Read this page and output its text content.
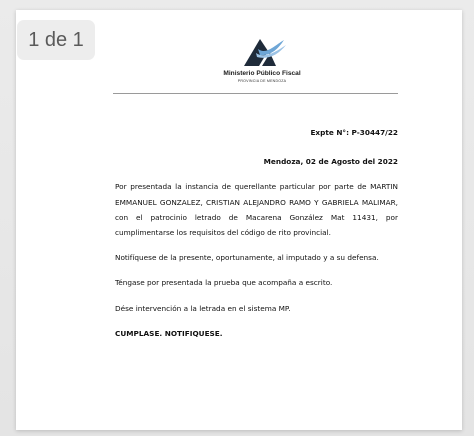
1 de 1
Ministerio Público Fiscal
PROVINCIA DE MENDOZA

Expte N°: P-30447/22

Mendoza, 02 de Agosto del 2022

Por presentada la instancia de querellante particular por parte de MARTIN EMMANUEL GONZALEZ, CRISTIAN ALEJANDRO RAMO Y GABRIELA MALIMAR, con el patrocinio letrado de Macarena González Mat 11431, por cumplimentarse los requisitos del código de rito provincial.

Notifíquese de la presente, oportunamente, al imputado y a su defensa.

Téngase por presentada la prueba que acompaña a escrito.

Dése intervención a la letrada en el sistema MP.

CUMPLASE. NOTIFIQUESE.
